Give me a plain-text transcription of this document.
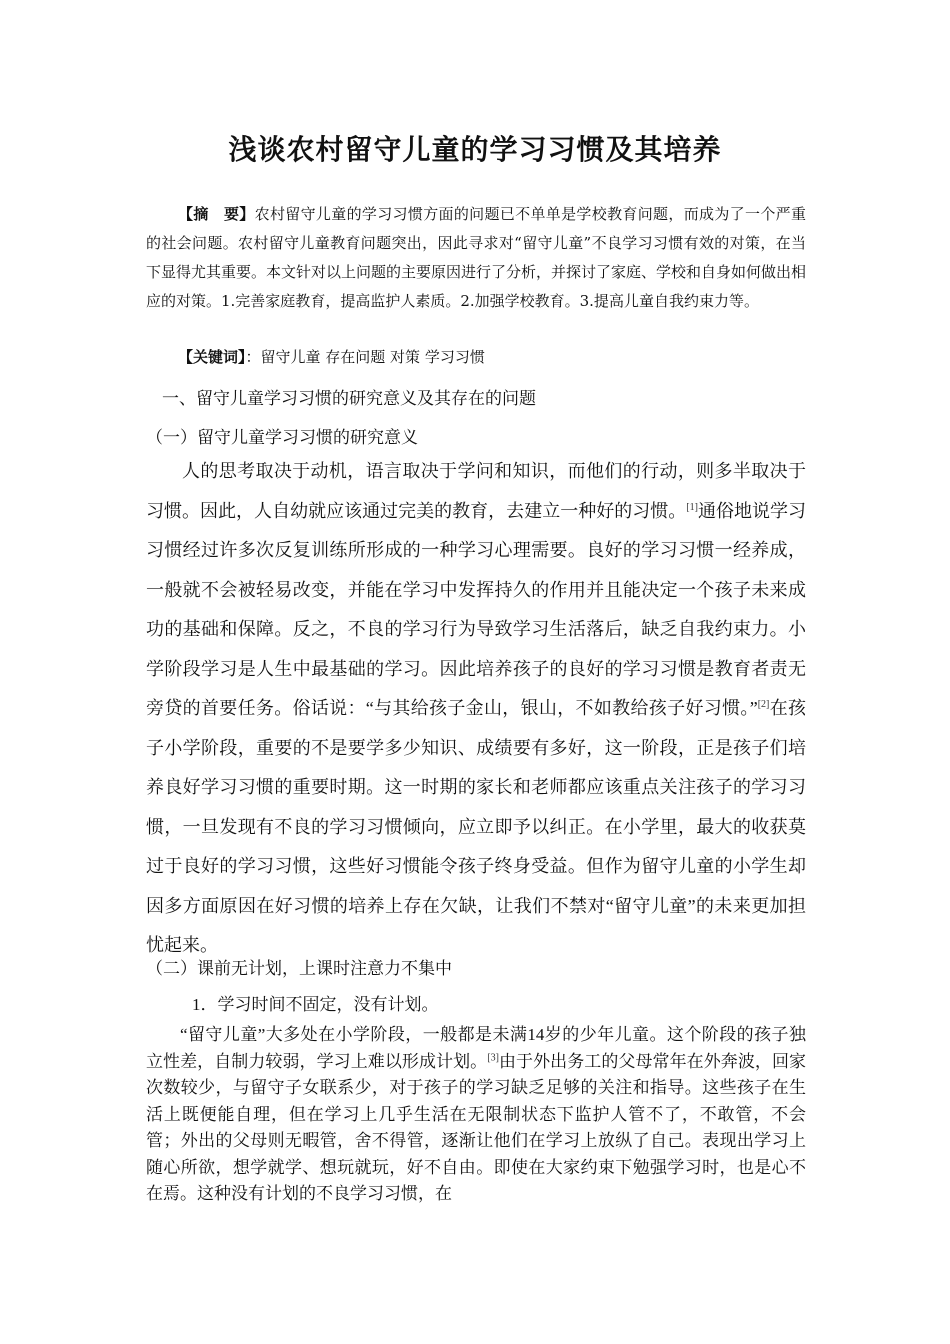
浅谈农村留守儿童的学习习惯及其培养
【摘　要】农村留守儿童的学习习惯方面的问题已不单单是学校教育问题，而成为了一个严重的社会问题。农村留守儿童教育问题突出，因此寻求对“留守儿童”不良学习习惯有效的对策，在当下显得尤其重要。本文针对以上问题的主要原因进行了分析，并探讨了家庭、学校和自身如何做出相应的对策。1.完善家庭教育，提高监护人素质。2.加强学校教育。3.提高儿童自我约束力等。
【关键词】：留守儿童 存在问题 对策 学习习惯
一、留守儿童学习习惯的研究意义及其存在的问题
（一）留守儿童学习习惯的研究意义
人的思考取决于动机，语言取决于学问和知识，而他们的行动，则多半取决于习惯。因此，人自幼就应该通过完美的教育，去建立一种好的习惯。[1]通俗地说学习习惯经过许多次反复训练所形成的一种学习心理需要。良好的学习习惯一经养成，一般就不会被轻易改变，并能在学习中发挥持久的作用并且能决定一个孩子未来成功的基础和保障。反之，不良的学习行为导致学习生活落后，缺乏自我约束力。小学阶段学习是人生中最基础的学习。因此培养孩子的良好的学习习惯是教育者责无旁贷的首要任务。俗话说：“与其给孩子金山，银山，不如教给孩子好习惯。”[2]在孩子小学阶段，重要的不是要学多少知识、成绩要有多好，这一阶段，正是孩子们培养良好学习习惯的重要时期。这一时期的家长和老师都应该重点关注孩子的学习习惯，一旦发现有不良的学习习惯倾向，应立即予以纠正。在小学里，最大的收获莫过于良好的学习习惯，这些好习惯能令孩子终身受益。但作为留守儿童的小学生却因多方面原因在好习惯的培养上存在欠缺，让我们不禁对“留守儿童”的未来更加担忧起来。
（二）课前无计划，上课时注意力不集中
1．学习时间不固定，没有计划。
“留守儿童”大多处在小学阶段，一般都是未满14岁的少年儿童。这个阶段的孩子独立性差，自制力较弱，学习上难以形成计划。[3]由于外出务工的父母常年在外奔波，回家次数较少，与留守子女联系少，对于孩子的学习缺乏足够的关注和指导。这些孩子在生活上既便能自理，但在学习上几乎生活在无限制状态下监护人管不了，不敢管，不会管；外出的父母则无暇管，舍不得管，逐渐让他们在学习上放纵了自己。表现出学习上随心所欲，想学就学、想玩就玩，好不自由。即使在大家约束下勉强学习时，也是心不在焉。这种没有计划的不良学习习惯，在
